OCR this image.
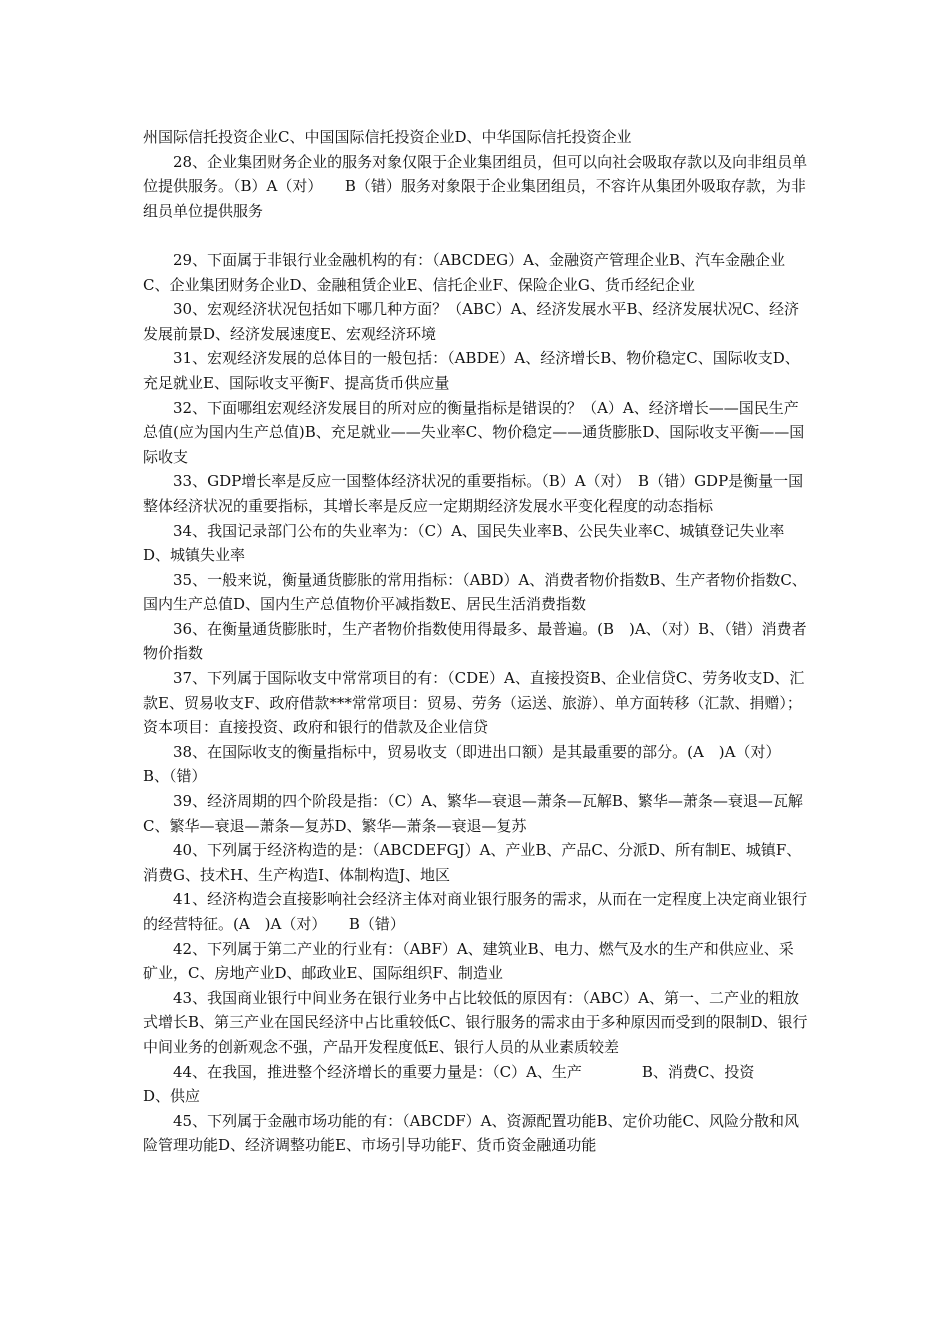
州国际信托投资企业C、中国国际信托投资企业D、中华国际信托投资企业

28、企业集团财务企业的服务对象仅限于企业集团组员，但可以向社会吸取存款以及向非组员单位提供服务。（B）A（对）　　B（错）服务对象限于企业集团组员，不容许从集团外吸取存款，为非组员单位提供服务

29、下面属于非银行业金融机构的有：（ABCDEG）A、金融资产管理企业B、汽车金融企业C、企业集团财务企业D、金融租赁企业E、信托企业F、保险企业G、货币经纪企业

30、宏观经济状况包括如下哪几种方面？（ABC）A、经济发展水平B、经济发展状况C、经济发展前景D、经济发展速度E、宏观经济环境

31、宏观经济发展的总体目的一般包括：（ABDE）A、经济增长B、物价稳定C、国际收支D、充足就业E、国际收支平衡F、提高货币供应量

32、下面哪组宏观经济发展目的所对应的衡量指标是错误的？（A）A、经济增长——国民生产总值(应为国内生产总值)B、充足就业——失业率C、物价稳定——通货膨胀D、国际收支平衡——国际收支

33、GDP增长率是反应一国整体经济状况的重要指标。（B）A（对）　B（错）GDP是衡量一国整体经济状况的重要指标，其增长率是反应一定期期经济发展水平变化程度的动态指标

34、我国记录部门公布的失业率为：（C）A、国民失业率B、公民失业率C、城镇登记失业率D、城镇失业率

35、一般来说，衡量通货膨胀的常用指标：（ABD）A、消费者物价指数B、生产者物价指数C、国内生产总值D、国内生产总值物价平减指数E、居民生活消费指数

36、在衡量通货膨胀时，生产者物价指数使用得最多、最普遍。(B　)A、（对）B、（错）消费者物价指数

37、下列属于国际收支中常常项目的有：（CDE）A、直接投资B、企业信贷C、劳务收支D、汇款E、贸易收支F、政府借款***常常项目：贸易、劳务（运送、旅游）、单方面转移（汇款、捐赠）；资本项目：直接投资、政府和银行的借款及企业信贷

38、在国际收支的衡量指标中，贸易收支（即进出口额）是其最重要的部分。(A　)A（对）　B、（错）

39、经济周期的四个阶段是指：（C）A、繁华—衰退—萧条—瓦解B、繁华—萧条—衰退—瓦解C、繁华—衰退—萧条—复苏D、繁华—萧条—衰退—复苏

40、下列属于经济构造的是：（ABCDEFGJ）A、产业B、产品C、分派D、所有制E、城镇F、消费G、技术H、生产构造I、体制构造J、地区

41、经济构造会直接影响社会经济主体对商业银行服务的需求，从而在一定程度上决定商业银行的经营特征。(A　)A（对）　　B（错）

42、下列属于第二产业的行业有：（ABF）A、建筑业B、电力、燃气及水的生产和供应业、采矿业，C、房地产业D、邮政业E、国际组织F、制造业

43、我国商业银行中间业务在银行业务中占比较低的原因有：（ABC）A、第一、二产业的粗放式增长B、第三产业在国民经济中占比重较低C、银行服务的需求由于多种原因而受到的限制D、银行中间业务的创新观念不强，产品开发程度低E、银行人员的从业素质较差

44、在我国，推进整个经济增长的重要力量是：（C）A、生产　　　　B、消费C、投资　　　　D、供应

45、下列属于金融市场功能的有：（ABCDF）A、资源配置功能B、定价功能C、风险分散和风险管理功能D、经济调整功能E、市场引导功能F、货币资金融通功能
